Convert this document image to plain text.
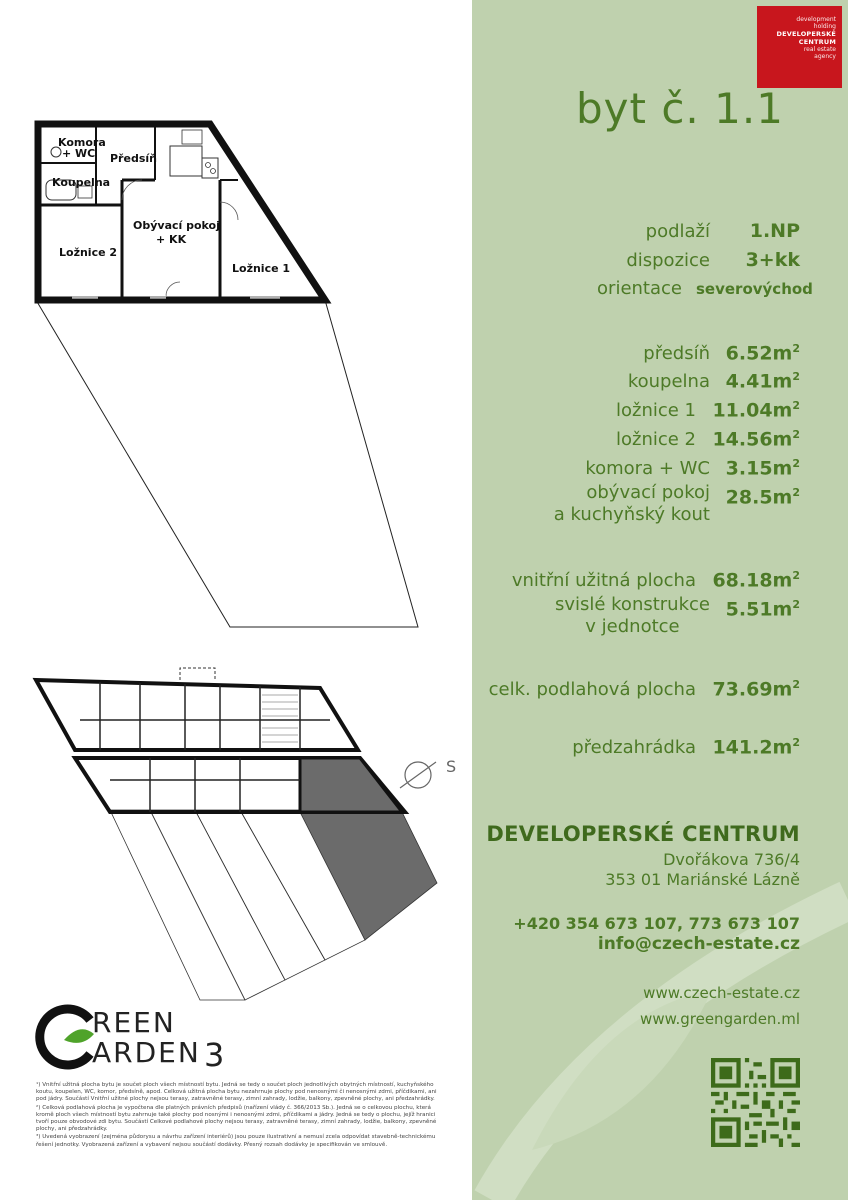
Komora
+ WC Předsíň
Koupelna
Obývací pokoj
+ KK
Ložnice 2
Ložnice 1
S
REEN
ARDEN 3

¹) Vnitřní užitná plocha bytu je součet ploch všech místností bytu. Jedná se tedy o součet ploch jednotlivých obytných místností, kuchyňského koutu, koupelen, WC, komor, předsíně, apod. Celková užitná plocha bytu nezahrnuje plochy pod nenosnými či nenosnými zdmi, příčdikami, ani pod jádry. Součástí Vnitřní užitné plochy nejsou terasy, zatravněné terasy, zimní zahrady, lodžie, balkony, zpevněné plochy, ani předzahrádky.

²) Celková podlahová plocha je vypočtena dle platných právních předpisů (nařízení vlády č. 366/2013 Sb.). Jedná se o celkovou plochu, která kromě ploch všech místností bytu zahrnuje také plochy pod nosnými i nenosnými zdmi, příčdikami a jádry. Jedná se tedy o plochu, jejíž hranici tvoří pouze obvodové zdi bytu. Součástí Celkové podlahové plochy nejsou terasy, zatravněné terasy, zimní zahrady, lodžie, balkony, zpevněné plochy, ani předzahrádky.

³) Uvedená vyobrazení (zejména půdorysu a návrhu zařízení interiérů) jsou pouze ilustrativní a nemusí zcela odpovídat stavebně-technickému řešení jednotky. Vyobrazená zařízení a vybavení nejsou součástí dodávky. Přesný rozsah dodávky je specifikován ve smlouvě.

development
holding
DEVELOPERSKÉ
CENTRUM
real estate
agency
byt č. 1.1
podlaží	1.NP
dispozice	3+kk
orientace severovýchod
předsíň $6.52m^2$
koupelna $4.41m^2$
ložnice 1 $11.04m^2$
ložnice 2 $14.56m^2$
komora + WC $3.15m^2$
obývací pokoj
a kuchyňský kout
$28.5m^2$
vnitřní užitná plocha $68.18m^2$
svislé konstrukce
v jednotce
$5.51m^2$
celk. podlahová plocha $73.69m^2$
předzahrádka $141.2m^2$
DEVELOPERSKÉ CENTRUM
Dvořákova 736/4
353 01 Mariánské Lázně
+420 354 673 107, 773 673 107
info@czech-estate.cz
www.czech-estate.cz
www.greengarden.ml
